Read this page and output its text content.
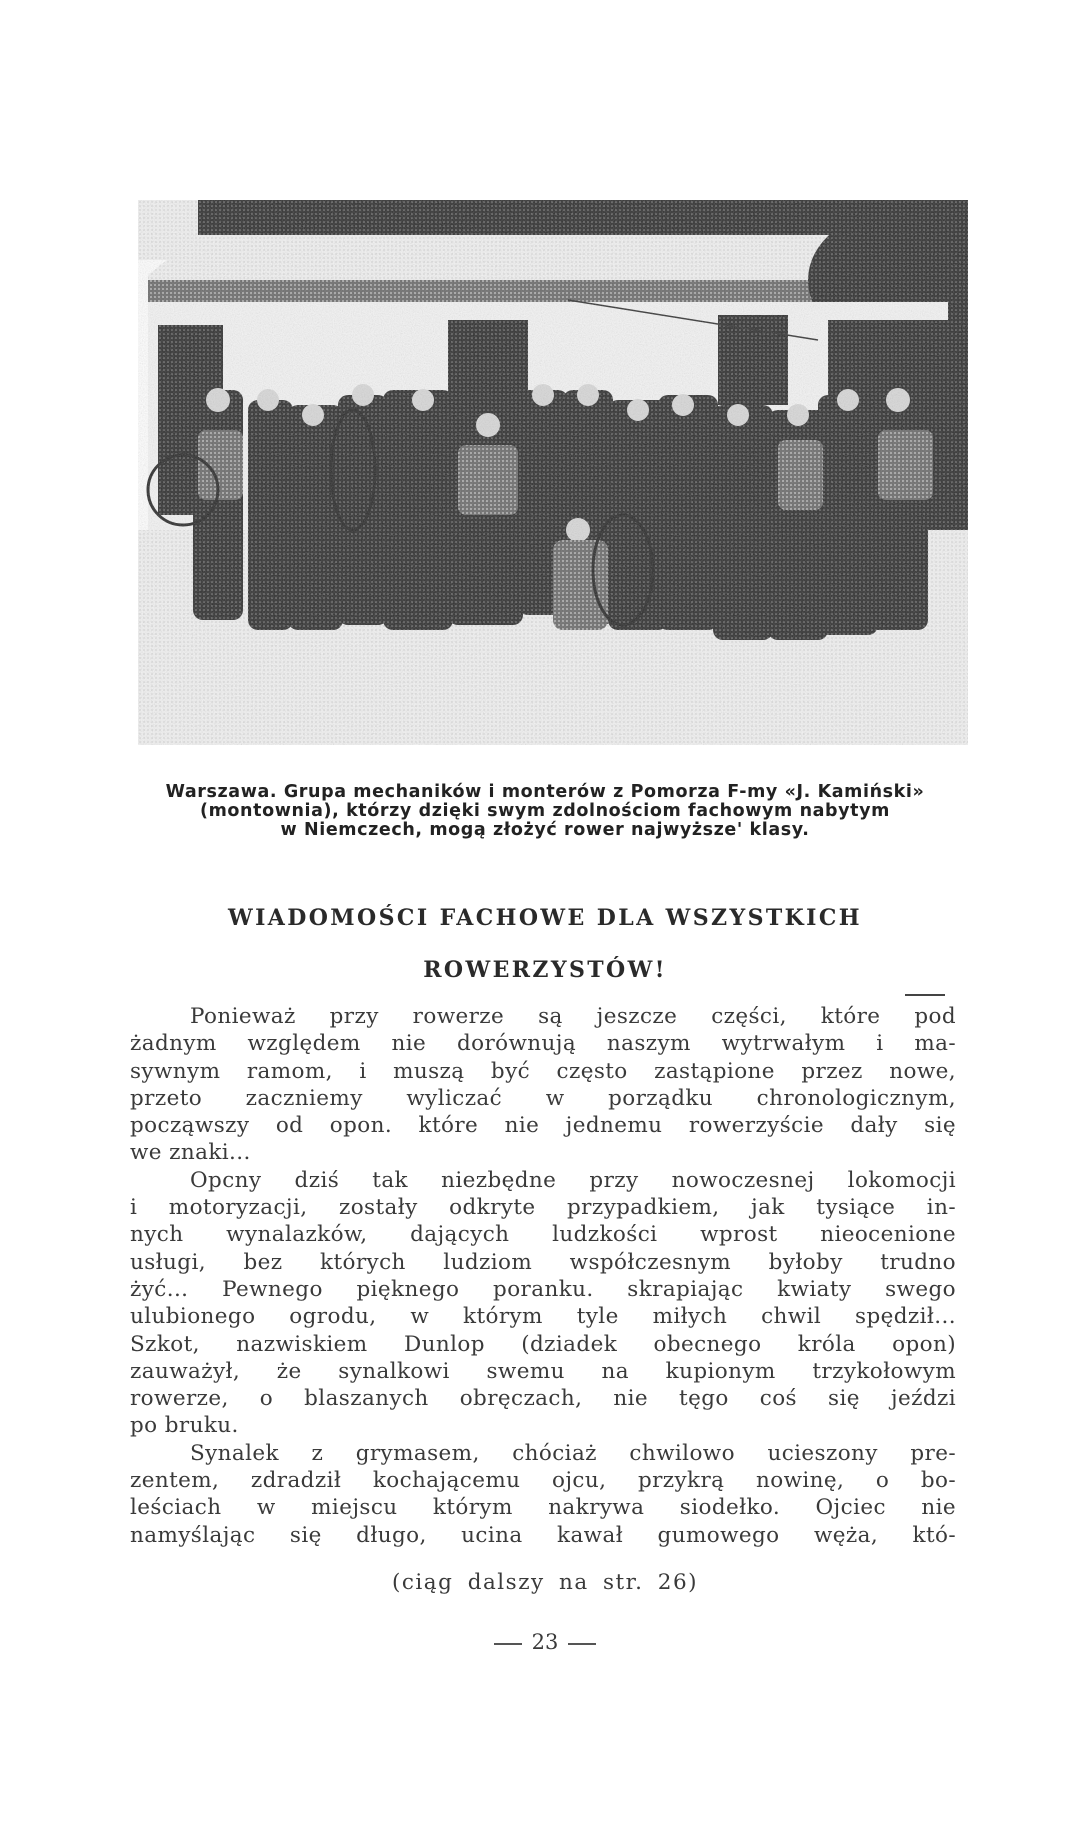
Warszawa. Grupa mechaników i monterów z Pomorza F-my «J. Kamiński»
(montownia), którzy dzięki swym zdolnościom fachowym nabytym
w Niemczech, mogą złożyć rower najwyższe' klasy.
WIADOMOŚCI FACHOWE DLA WSZYSTKICH
ROWERZYSTÓW!
Ponieważ przy rowerze są jeszcze części, które pod
żadnym względem nie dorównują naszym wytrwałym i ma-
sywnym ramom, i muszą być często zastąpione przez nowe,
przeto zaczniemy wyliczać w porządku chronologicznym,
począwszy od opon. które nie jednemu rowerzyście dały się
we znaki...
Opcny dziś tak niezbędne przy nowoczesnej lokomocji
i motoryzacji, zostały odkryte przypadkiem, jak tysiące in-
nych wynalazków, dających ludzkości wprost nieocenione
usługi, bez których ludziom współczesnym byłoby trudno
żyć... Pewnego pięknego poranku. skrapiając kwiaty swego
ulubionego ogrodu, w którym tyle miłych chwil spędził...
Szkot, nazwiskiem Dunlop (dziadek obecnego króla opon)
zauważył, że synalkowi swemu na kupionym trzykołowym
rowerze, o blaszanych obręczach, nie tęgo coś się jeździ
po bruku.
Synalek z grymasem, chóciaż chwilowo ucieszony pre-
zentem, zdradził kochającemu ojcu, przykrą nowinę, o bo-
leściach w miejscu którym nakrywa siodełko. Ojciec nie
namyślając się długo, ucina kawał gumowego węża, któ-
(ciąg dalszy na str. 26)
23
